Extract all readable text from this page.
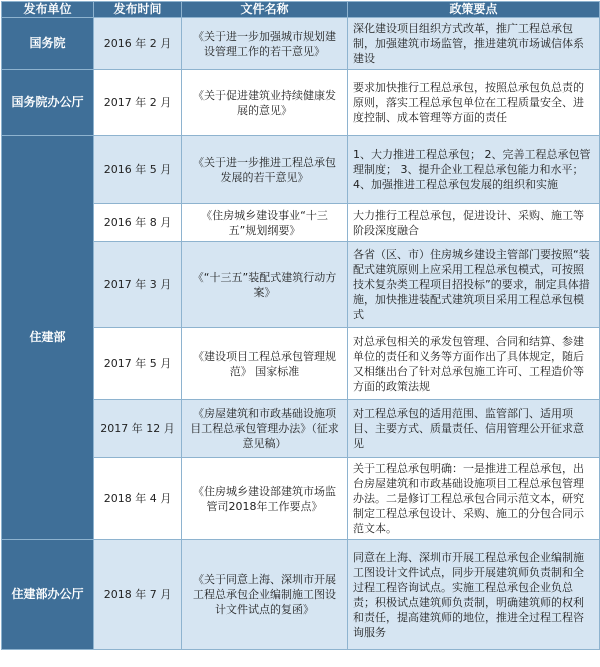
发布单位	发布时间	文件名称	政策要点
国务院	2016 年 2 月	《关于进一步加强城市规划建设管理工作的若干意见》	深化建设项目组织方式改革，推广工程总承包制，加强建筑市场监管，推进建筑市场诚信体系建设
国务院办公厅	2017 年 2 月	《关于促进建筑业持续健康发展的意见》	要求加快推行工程总承包，按照总承包负总责的原则，落实工程总承包单位在工程质量安全、进度控制、成本管理等方面的责任
住建部	2016 年 5 月	《关于进一步推进工程总承包发展的若干意见》	1、大力推进工程总承包； 2、完善工程总承包管理制度； 3、提升企业工程总承包能力和水平； 4、加强推进工程总承包发展的组织和实施
	2016 年 8 月	《住房城乡建设事业“十三五”规划纲要》	大力推行工程总承包，促进设计、采购、施工等阶段深度融合
	2017 年 3 月	《“十三五”装配式建筑行动方案》	各省（区、市）住房城乡建设主管部门要按照“装配式建筑原则上应采用工程总承包模式，可按照技术复杂类工程项目招投标”的要求，制定具体措施，加快推进装配式建筑项目采用工程总承包模式
	2017 年 5 月	《建设项目工程总承包管理规范》 国家标准	对总承包相关的承发包管理、合同和结算、参建单位的责任和义务等方面作出了具体规定，随后又相继出台了针对总承包施工许可、工程造价等方面的政策法规
	2017 年 12 月	《房屋建筑和市政基础设施项目工程总承包管理办法》（征求意见稿）	对工程总承包的适用范围、监管部门、适用项目、主要方式、质量责任、信用管理公开征求意见
	2018 年 4 月	《住房城乡建设部建筑市场监管司2018年工作要点》	关于工程总承包明确：一是推进工程总承包，出台房屋建筑和市政基础设施项目工程总承包管理办法。二是修订工程总承包合同示范文本，研究制定工程总承包设计、采购、施工的分包合同示范文本。
住建部办公厅	2018 年 7 月	《关于同意上海、深圳市开展工程总承包企业编制施工图设计文件试点的复函》	同意在上海、深圳市开展工程总承包企业编制施工图设计文件试点，同步开展建筑师负责制和全过程工程咨询试点。实施工程总承包企业负总责；积极试点建筑师负责制，明确建筑师的权利和责任，提高建筑师的地位，推进全过程工程咨询服务
